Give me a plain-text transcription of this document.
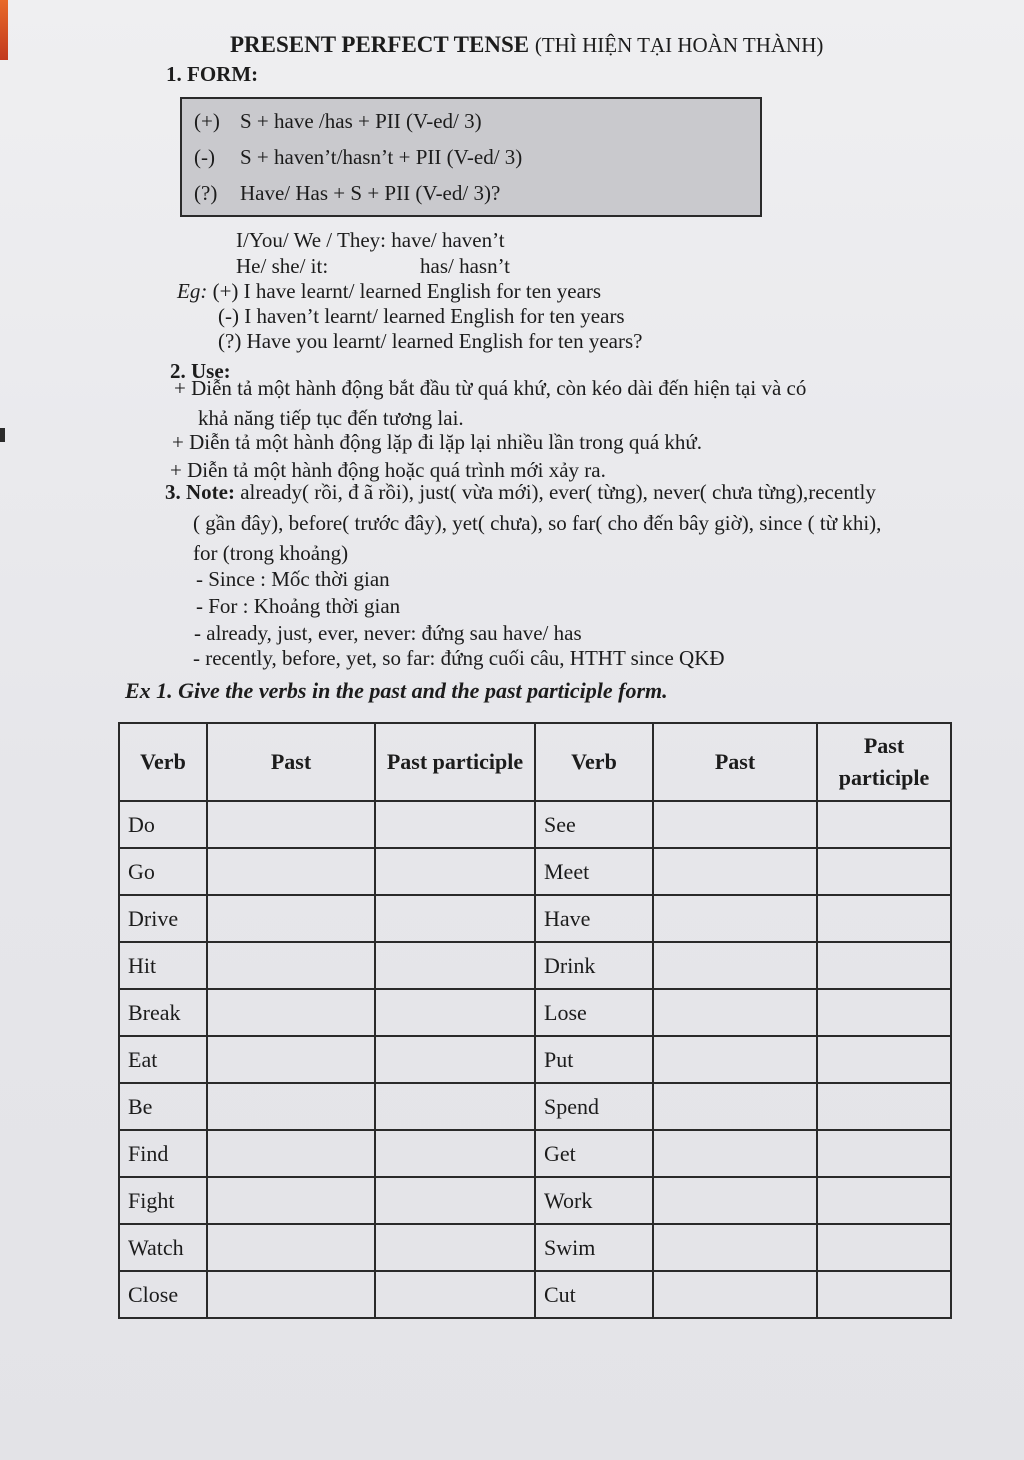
PRESENT PERFECT TENSE (THÌ HIỆN TẠI HOÀN THÀNH)
1. FORM:
(+) S + have /has + PII (V-ed/ 3)
(-) S + haven’t/hasn’t + PII (V-ed/ 3)
(?) Have/ Has + S + PII (V-ed/ 3)?
I/You/ We / They: have/ haven’t
He/ she/ it:	has/ hasn’t
Eg: (+) I have learnt/ learned English for ten years
(-) I haven’t learnt/ learned English for ten years
(?) Have you learnt/ learned English for ten years?
2. Use:
+ Diễn tả một hành động bắt đầu từ quá khứ, còn kéo dài đến hiện tại và có
khả năng tiếp tục đến tương lai.
+ Diễn tả một hành động lặp đi lặp lại nhiều lần trong quá khứ.
+ Diễn tả một hành động hoặc quá trình mới xảy ra.
3. Note: already( rồi, đ ã rồi), just( vừa mới), ever( từng), never( chưa từng),recently
( gần đây), before( trước đây), yet( chưa), so far( cho đến bây giờ), since ( từ khi),
for (trong khoảng)
- Since : Mốc thời gian
- For : Khoảng thời gian
- already, just, ever, never: đứng sau have/ has
- recently, before, yet, so far: đứng cuối câu, HTHT since QKĐ
Ex 1. Give the verbs in the past and the past participle form.
Verb	Past	Past participle	Verb	Past	Past participle
Do			See		
Go			Meet		
Drive			Have		
Hit			Drink		
Break			Lose		
Eat			Put		
Be			Spend		
Find			Get		
Fight			Work		
Watch			Swim		
Close			Cut		
